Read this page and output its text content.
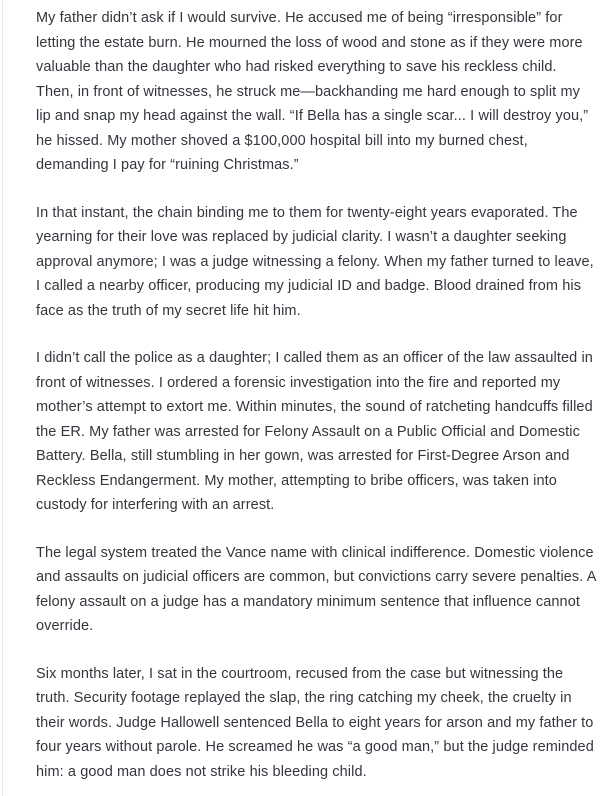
My father didn’t ask if I would survive. He accused me of being “irresponsible” for letting the estate burn. He mourned the loss of wood and stone as if they were more valuable than the daughter who had risked everything to save his reckless child. Then, in front of witnesses, he struck me—backhanding me hard enough to split my lip and snap my head against the wall. “If Bella has a single scar... I will destroy you,” he hissed. My mother shoved a $100,000 hospital bill into my burned chest, demanding I pay for “ruining Christmas.”

In that instant, the chain binding me to them for twenty-eight years evaporated. The yearning for their love was replaced by judicial clarity. I wasn’t a daughter seeking approval anymore; I was a judge witnessing a felony. When my father turned to leave, I called a nearby officer, producing my judicial ID and badge. Blood drained from his face as the truth of my secret life hit him.

I didn’t call the police as a daughter; I called them as an officer of the law assaulted in front of witnesses. I ordered a forensic investigation into the fire and reported my mother’s attempt to extort me. Within minutes, the sound of ratcheting handcuffs filled the ER. My father was arrested for Felony Assault on a Public Official and Domestic Battery. Bella, still stumbling in her gown, was arrested for First-Degree Arson and Reckless Endangerment. My mother, attempting to bribe officers, was taken into custody for interfering with an arrest.

The legal system treated the Vance name with clinical indifference. Domestic violence and assaults on judicial officers are common, but convictions carry severe penalties. A felony assault on a judge has a mandatory minimum sentence that influence cannot override.

Six months later, I sat in the courtroom, recused from the case but witnessing the truth. Security footage replayed the slap, the ring catching my cheek, the cruelty in their words. Judge Hallowell sentenced Bella to eight years for arson and my father to four years without parole. He screamed he was “a good man,” but the judge reminded him: a good man does not strike his bleeding child.
